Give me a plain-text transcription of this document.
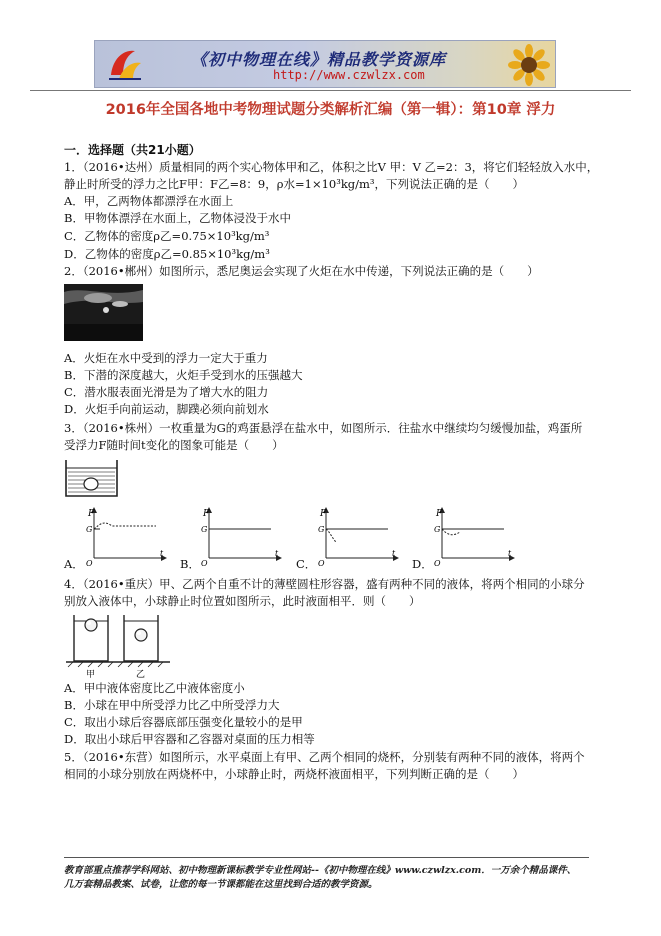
《初中物理在线》精品教学资源库
http://www.czwlzx.com
2016年全国各地中考物理试题分类解析汇编（第一辑）：第10章 浮力
一．选择题（共21小题）
1．（2016•达州）质量相同的两个实心物体甲和乙，体积之比V 甲：V 乙=2：3，将它们轻轻放入水中，
静止时所受的浮力之比F甲：F乙=8：9，ρ水=1×10³kg/m³，下列说法正确的是（　　）
A．甲，乙两物体都漂浮在水面上
B．甲物体漂浮在水面上，乙物体浸没于水中
C．乙物体的密度ρ乙=0.75×10³kg/m³
D．乙物体的密度ρ乙=0.85×10³kg/m³
2．（2016•郴州）如图所示，悉尼奥运会实现了火炬在水中传递，下列说法正确的是（　　）
A．火炬在水中受到的浮力一定大于重力
B．下潜的深度越大，火炬手受到水的压强越大
C．潜水服表面光滑是为了增大水的阻力
D．火炬手向前运动，脚蹼必须向前划水
3．（2016•株州）一枚重量为G的鸡蛋悬浮在盐水中，如图所示．往盐水中继续均匀缓慢加盐，鸡蛋所
受浮力F随时间t变化的图象可能是（　　）
F
G
O
t
F
G
O
t
F
G
O
t
F
G
O
t
A．	B．	C．	D．
4．（2016•重庆）甲、乙两个自重不计的薄壁圆柱形容器，盛有两种不同的液体，将两个相同的小球分
别放入液体中，小球静止时位置如图所示，此时液面相平．则（　　）
甲	乙
A．甲中液体密度比乙中液体密度小
B．小球在甲中所受浮力比乙中所受浮力大
C．取出小球后容器底部压强变化量较小的是甲
D．取出小球后甲容器和乙容器对桌面的压力相等
5．（2016•东营）如图所示，水平桌面上有甲、乙两个相同的烧杯，分别装有两种不同的液体，将两个
相同的小球分别放在两烧杯中，小球静止时，两烧杯液面相平，下列判断正确的是（　　）
教育部重点推荐学科网站、初中物理新课标教学专业性网站--《初中物理在线》www.czwlzx.com．一万余个精品课件、
几万套精品教案、试卷，让您的每一节课都能在这里找到合适的教学资源。
